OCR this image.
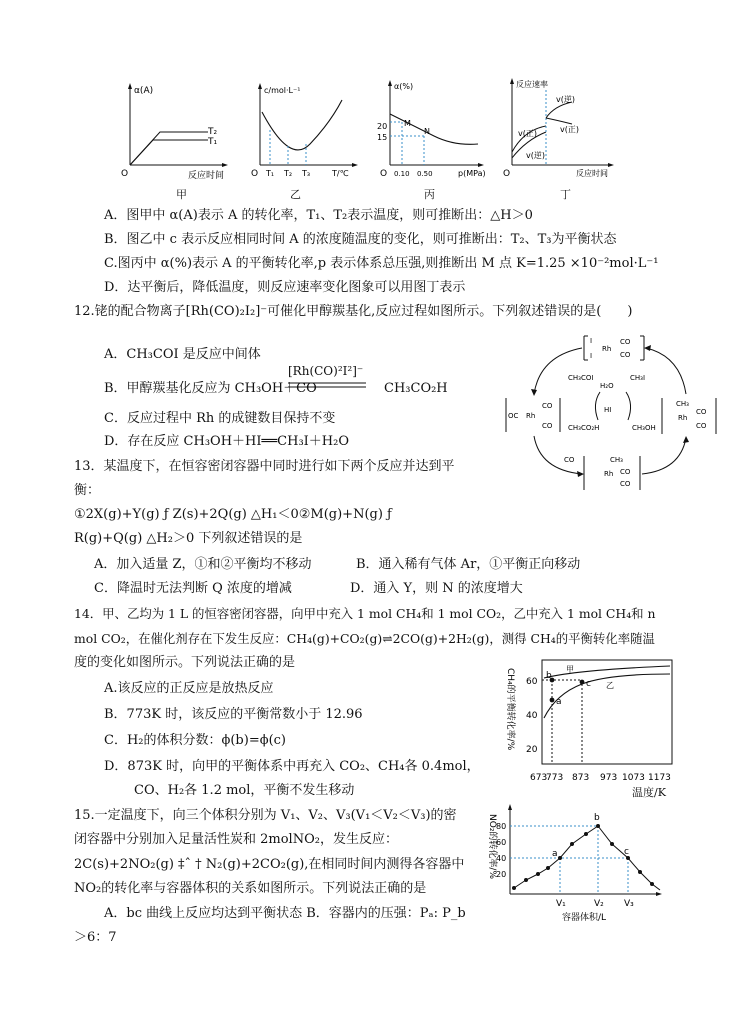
α(A)
T₂
T₁
O	反应时间
甲
c/mol·L⁻¹
T₁ T₂ T₃
O	T/℃
乙
α(%)
20
15
M
N
0.10 0.50
O	p(MPa)
丙
反应速率
v(逆)
v(正)
v(正)
v(逆)
O	反应时间
丁
A．图甲中 α(A)表示 A 的转化率，T₁、T₂表示温度，则可推断出：△H＞0
B．图乙中 c 表示反应相同时间 A 的浓度随温度的变化，则可推断出：T₂、T₃为平衡状态
C.图丙中 α(%)表示 A 的平衡转化率,p 表示体系总压强,则推断出 M 点 K=1.25 ×10⁻²mol·L⁻¹
D．达平衡后，降低温度，则反应速率变化图象可以用图丁表示
12.铑的配合物离子[Rh(CO)₂I₂]⁻可催化甲醇羰基化,反应过程如图所示。下列叙述错误的是(　　)
A．CH₃COI 是反应中间体
B．甲醇羰基化反应为 CH₃OH＋CO
[Rh(CO)²I²]⁻
CH₃CO₂H
C．反应过程中 Rh 的成键数目保持不变
D．存在反应 CH₃OH＋HI══CH₃I＋H₂O
I
Rh
CO
CO
I
OC Rh
CO
CO
CH₃
Rh
CO
CO
CH₃
Rh CO
CO
CH₃COI
H₂O
CH₃I
HI
CH₃CO₂H	CH₃OH
CO
13．某温度下，在恒容密闭容器中同时进行如下两个反应并达到平
衡：
①2X(g)+Y(g) ƒ Z(s)+2Q(g) △H₁＜0②M(g)+N(g) ƒ
R(g)+Q(g) △H₂＞0 下列叙述错误的是
A．加入适量 Z，①和②平衡均不移动	B．通入稀有气体 Ar，①平衡正向移动
C．降温时无法判断 Q 浓度的增减	D．通入 Y，则 N 的浓度增大
14．甲、乙均为 1 L 的恒容密闭容器，向甲中充入 1 mol CH₄和 1 mol CO₂，乙中充入 1 mol CH₄和 n
mol CO₂，在催化剂存在下发生反应：CH₄(g)+CO₂(g)⇌2CO(g)+2H₂(g)，测得 CH₄的平衡转化率随温
度的变化如图所示。下列说法正确的是
A.该反应的正反应是放热反应
B．773K 时，该反应的平衡常数小于 12.96
C．H₂的体积分数：ϕ(b)=ϕ(c)
D．873K 时，向甲的平衡体系中再充入 CO₂、CH₄各 0.4mol，
CO、H₂各 1.2 mol，平衡不发生移动
CH₄的平衡转化率/% 60
40
20
b
c
a
甲
乙
673
773 873 973 1073 1173
温度/K
15.一定温度下，向三个体积分别为 V₁、V₂、V₃(V₁＜V₂＜V₃)的密
闭容器中分别加入足量活性炭和 2molNO₂，发生反应：
2C(s)+2NO₂(g) ‡ˆ † N₂(g)+2CO₂(g),在相同时间内测得各容器中
NO₂的转化率与容器体积的关系如图所示。下列说法正确的是
A．bc 曲线上反应均达到平衡状态 B．容器内的压强：Pₐ: P_b
＞6：7
NO₂的转化率/% 80
60
40
20
a
b
c
V₁	V₂ V₃
容器体积/L
